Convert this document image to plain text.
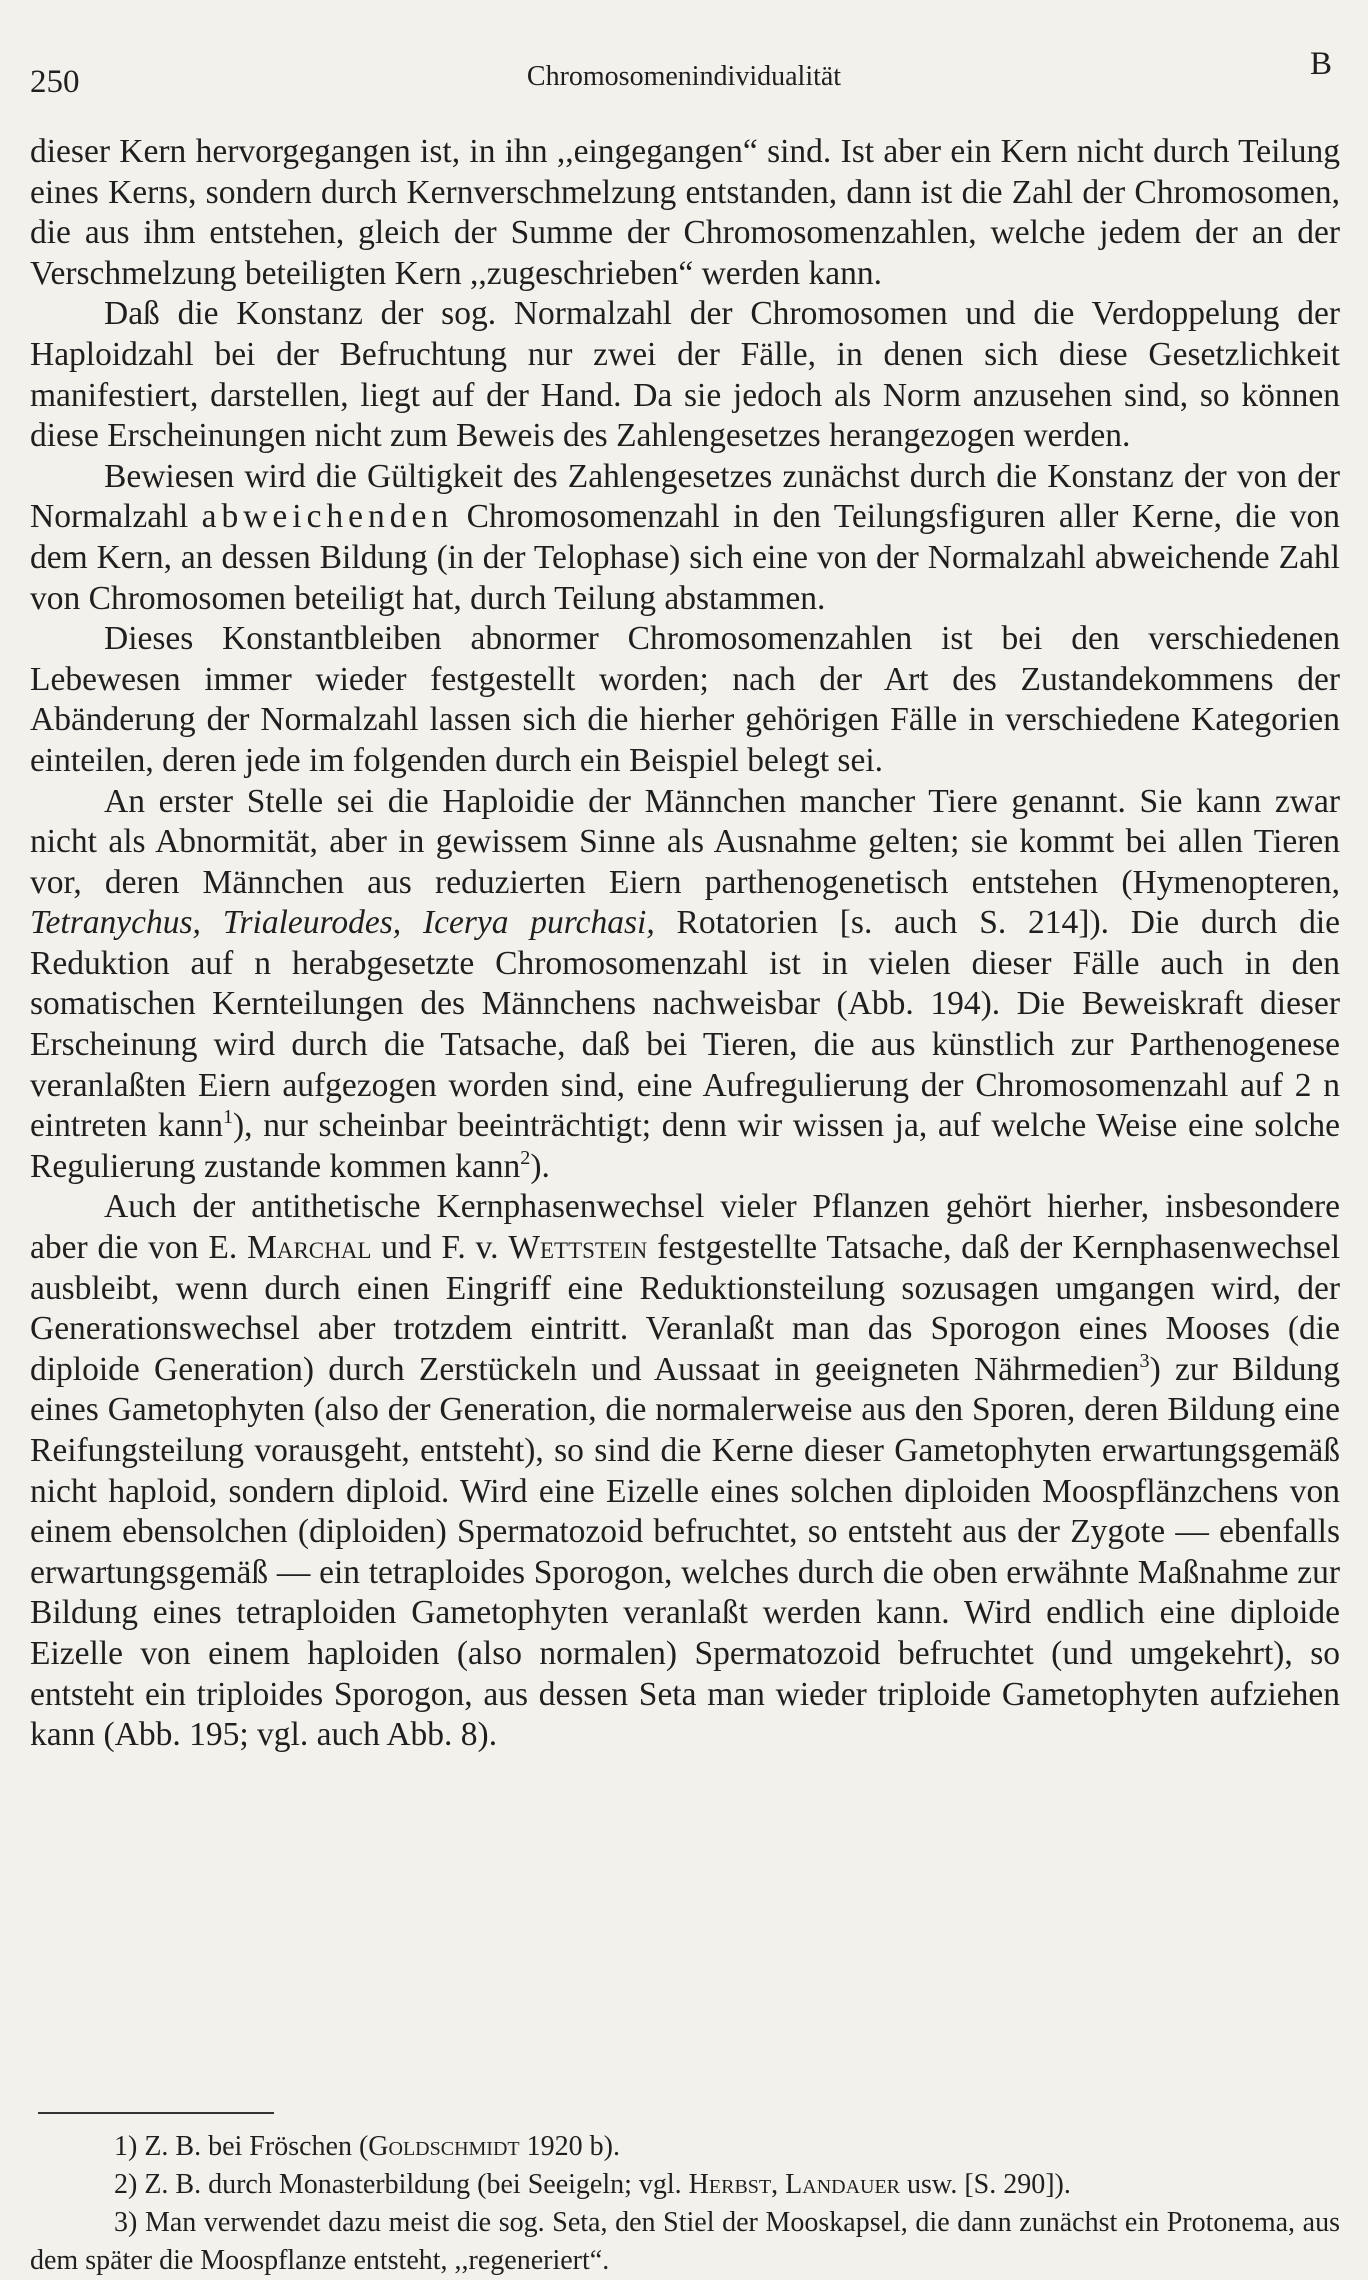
250	Chromosomenindividualität	B

dieser Kern hervorgegangen ist, in ihn ,,eingegangen“ sind. Ist aber ein Kern nicht durch Teilung eines Kerns, sondern durch Kernverschmelzung entstanden, dann ist die Zahl der Chromosomen, die aus ihm entstehen, gleich der Summe der Chromosomenzahlen, welche jedem der an der Verschmelzung beteiligten Kern ,,zugeschrieben“ werden kann.

Daß die Konstanz der sog. Normalzahl der Chromosomen und die Verdoppelung der Haploidzahl bei der Befruchtung nur zwei der Fälle, in denen sich diese Gesetzlichkeit manifestiert, darstellen, liegt auf der Hand. Da sie jedoch als Norm anzusehen sind, so können diese Erscheinungen nicht zum Beweis des Zahlengesetzes herangezogen werden.

Bewiesen wird die Gültigkeit des Zahlengesetzes zunächst durch die Konstanz der von der Normalzahl abweichenden Chromosomenzahl in den Teilungsfiguren aller Kerne, die von dem Kern, an dessen Bildung (in der Telophase) sich eine von der Normalzahl abweichende Zahl von Chromosomen beteiligt hat, durch Teilung abstammen.

Dieses Konstantbleiben abnormer Chromosomenzahlen ist bei den verschiedenen Lebewesen immer wieder festgestellt worden; nach der Art des Zustandekommens der Abänderung der Normalzahl lassen sich die hierher gehörigen Fälle in verschiedene Kategorien einteilen, deren jede im folgenden durch ein Beispiel belegt sei.

An erster Stelle sei die Haploidie der Männchen mancher Tiere genannt. Sie kann zwar nicht als Abnormität, aber in gewissem Sinne als Ausnahme gelten; sie kommt bei allen Tieren vor, deren Männchen aus reduzierten Eiern parthenogenetisch entstehen (Hymenopteren, Tetranychus, Trialeurodes, Icerya purchasi, Rotatorien [s. auch S. 214]). Die durch die Reduktion auf n herabgesetzte Chromosomenzahl ist in vielen dieser Fälle auch in den somatischen Kernteilungen des Männchens nachweisbar (Abb. 194). Die Beweiskraft dieser Erscheinung wird durch die Tatsache, daß bei Tieren, die aus künstlich zur Parthenogenese veranlaßten Eiern aufgezogen worden sind, eine Aufregulierung der Chromosomenzahl auf 2 n eintreten kann$^1$), nur scheinbar beeinträchtigt; denn wir wissen ja, auf welche Weise eine solche Regulierung zustande kommen kann$^2$).

Auch der antithetische Kernphasenwechsel vieler Pflanzen gehört hierher, insbesondere aber die von E. Marchal und F. v. Wettstein festgestellte Tatsache, daß der Kernphasenwechsel ausbleibt, wenn durch einen Eingriff eine Reduktionsteilung sozusagen umgangen wird, der Generationswechsel aber trotzdem eintritt. Veranlaßt man das Sporogon eines Mooses (die diploide Generation) durch Zerstückeln und Aussaat in geeigneten Nährmedien$^3$) zur Bildung eines Gametophyten (also der Generation, die normalerweise aus den Sporen, deren Bildung eine Reifungsteilung vorausgeht, entsteht), so sind die Kerne dieser Gametophyten erwartungsgemäß nicht haploid, sondern diploid. Wird eine Eizelle eines solchen diploiden Moospflänzchens von einem ebensolchen (diploiden) Spermatozoid befruchtet, so entsteht aus der Zygote — ebenfalls erwartungsgemäß — ein tetraploides Sporogon, welches durch die oben erwähnte Maßnahme zur Bildung eines tetraploiden Gametophyten veranlaßt werden kann. Wird endlich eine diploide Eizelle von einem haploiden (also normalen) Spermatozoid befruchtet (und umgekehrt), so entsteht ein triploides Sporogon, aus dessen Seta man wieder triploide Gametophyten aufziehen kann (Abb. 195; vgl. auch Abb. 8).

1) Z. B. bei Fröschen (Goldschmidt 1920 b).

2) Z. B. durch Monasterbildung (bei Seeigeln; vgl. Herbst, Landauer usw. [S. 290]).

3) Man verwendet dazu meist die sog. Seta, den Stiel der Mooskapsel, die dann zunächst ein Protonema, aus dem später die Moospflanze entsteht, ,,regeneriert“.
